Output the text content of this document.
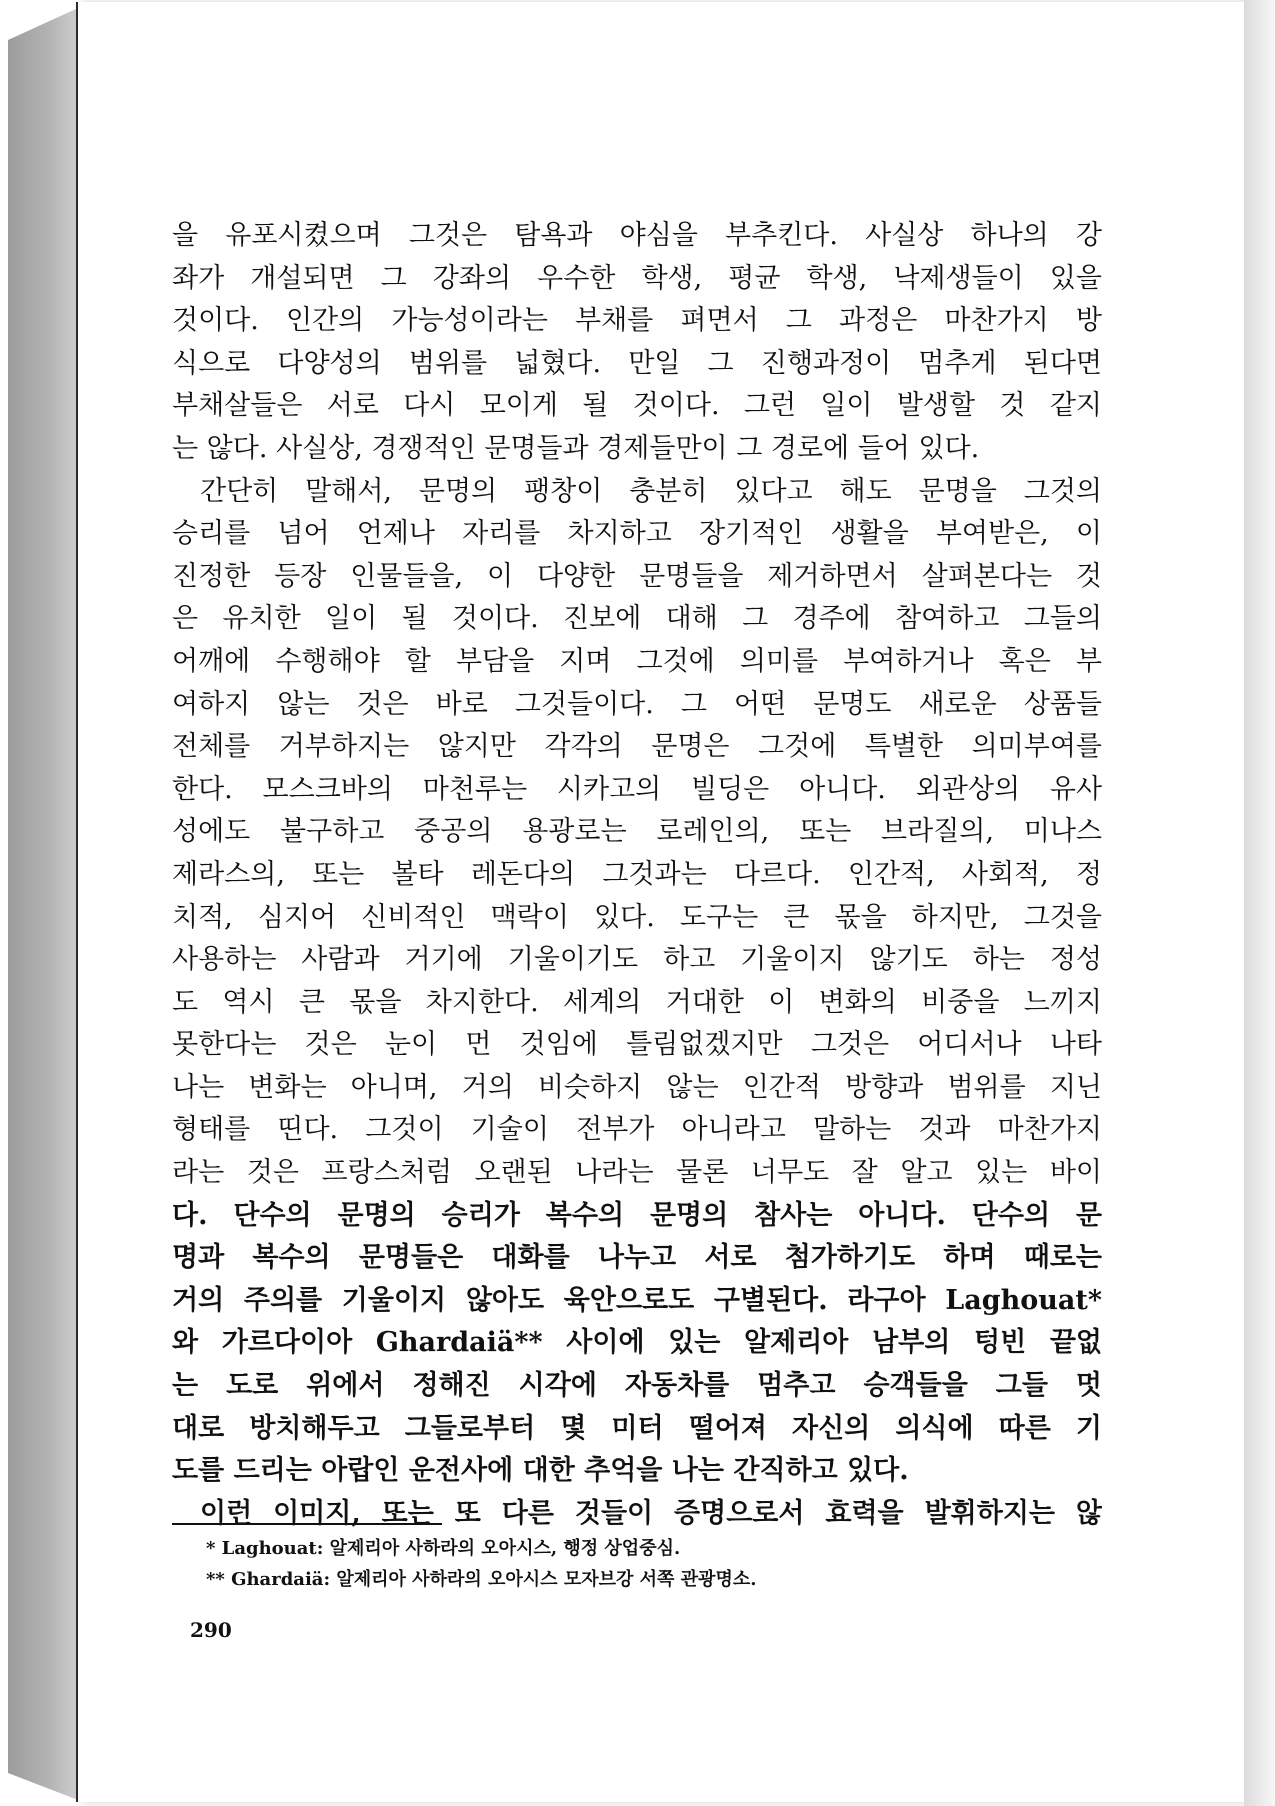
을 유포시켰으며 그것은 탐욕과 야심을 부추킨다. 사실상 하나의 강
좌가 개설되면 그 강좌의 우수한 학생, 평균 학생, 낙제생들이 있을
것이다. 인간의 가능성이라는 부채를 펴면서 그 과정은 마찬가지 방
식으로 다양성의 범위를 넓혔다. 만일 그 진행과정이 멈추게 된다면
부채살들은 서로 다시 모이게 될 것이다. 그런 일이 발생할 것 같지
는 않다. 사실상, 경쟁적인 문명들과 경제들만이 그 경로에 들어 있다.
간단히 말해서, 문명의 팽창이 충분히 있다고 해도 문명을 그것의
승리를 넘어 언제나 자리를 차지하고 장기적인 생활을 부여받은, 이
진정한 등장 인물들을, 이 다양한 문명들을 제거하면서 살펴본다는 것
은 유치한 일이 될 것이다. 진보에 대해 그 경주에 참여하고 그들의
어깨에 수행해야 할 부담을 지며 그것에 의미를 부여하거나 혹은 부
여하지 않는 것은 바로 그것들이다. 그 어떤 문명도 새로운 상품들
전체를 거부하지는 않지만 각각의 문명은 그것에 특별한 의미부여를
한다. 모스크바의 마천루는 시카고의 빌딩은 아니다. 외관상의 유사
성에도 불구하고 중공의 용광로는 로레인의, 또는 브라질의, 미나스
제라스의, 또는 볼타 레돈다의 그것과는 다르다. 인간적, 사회적, 정
치적, 심지어 신비적인 맥락이 있다. 도구는 큰 몫을 하지만, 그것을
사용하는 사람과 거기에 기울이기도 하고 기울이지 않기도 하는 정성
도 역시 큰 몫을 차지한다. 세계의 거대한 이 변화의 비중을 느끼지
못한다는 것은 눈이 먼 것임에 틀림없겠지만 그것은 어디서나 나타
나는 변화는 아니며, 거의 비슷하지 않는 인간적 방향과 범위를 지닌
형태를 띤다. 그것이 기술이 전부가 아니라고 말하는 것과 마찬가지
라는 것은 프랑스처럼 오랜된 나라는 물론 너무도 잘 알고 있는 바이
다. 단수의 문명의 승리가 복수의 문명의 참사는 아니다. 단수의 문
명과 복수의 문명들은 대화를 나누고 서로 첨가하기도 하며 때로는
거의 주의를 기울이지 않아도 육안으로도 구별된다. 라구아 Laghouat*
와 가르다이아 Ghardaiä** 사이에 있는 알제리아 남부의 텅빈 끝없
는 도로 위에서 정해진 시각에 자동차를 멈추고 승객들을 그들 멋
대로 방치해두고 그들로부터 몇 미터 떨어져 자신의 의식에 따른 기
도를 드리는 아랍인 운전사에 대한 추억을 나는 간직하고 있다.
이런 이미지, 또는 또 다른 것들이 증명으로서 효력을 발휘하지는 않
* Laghouat: 알제리아 사하라의 오아시스, 행정 상업중심.
** Ghardaiä: 알제리아 사하라의 오아시스 모자브강 서쪽 관광명소.
290
